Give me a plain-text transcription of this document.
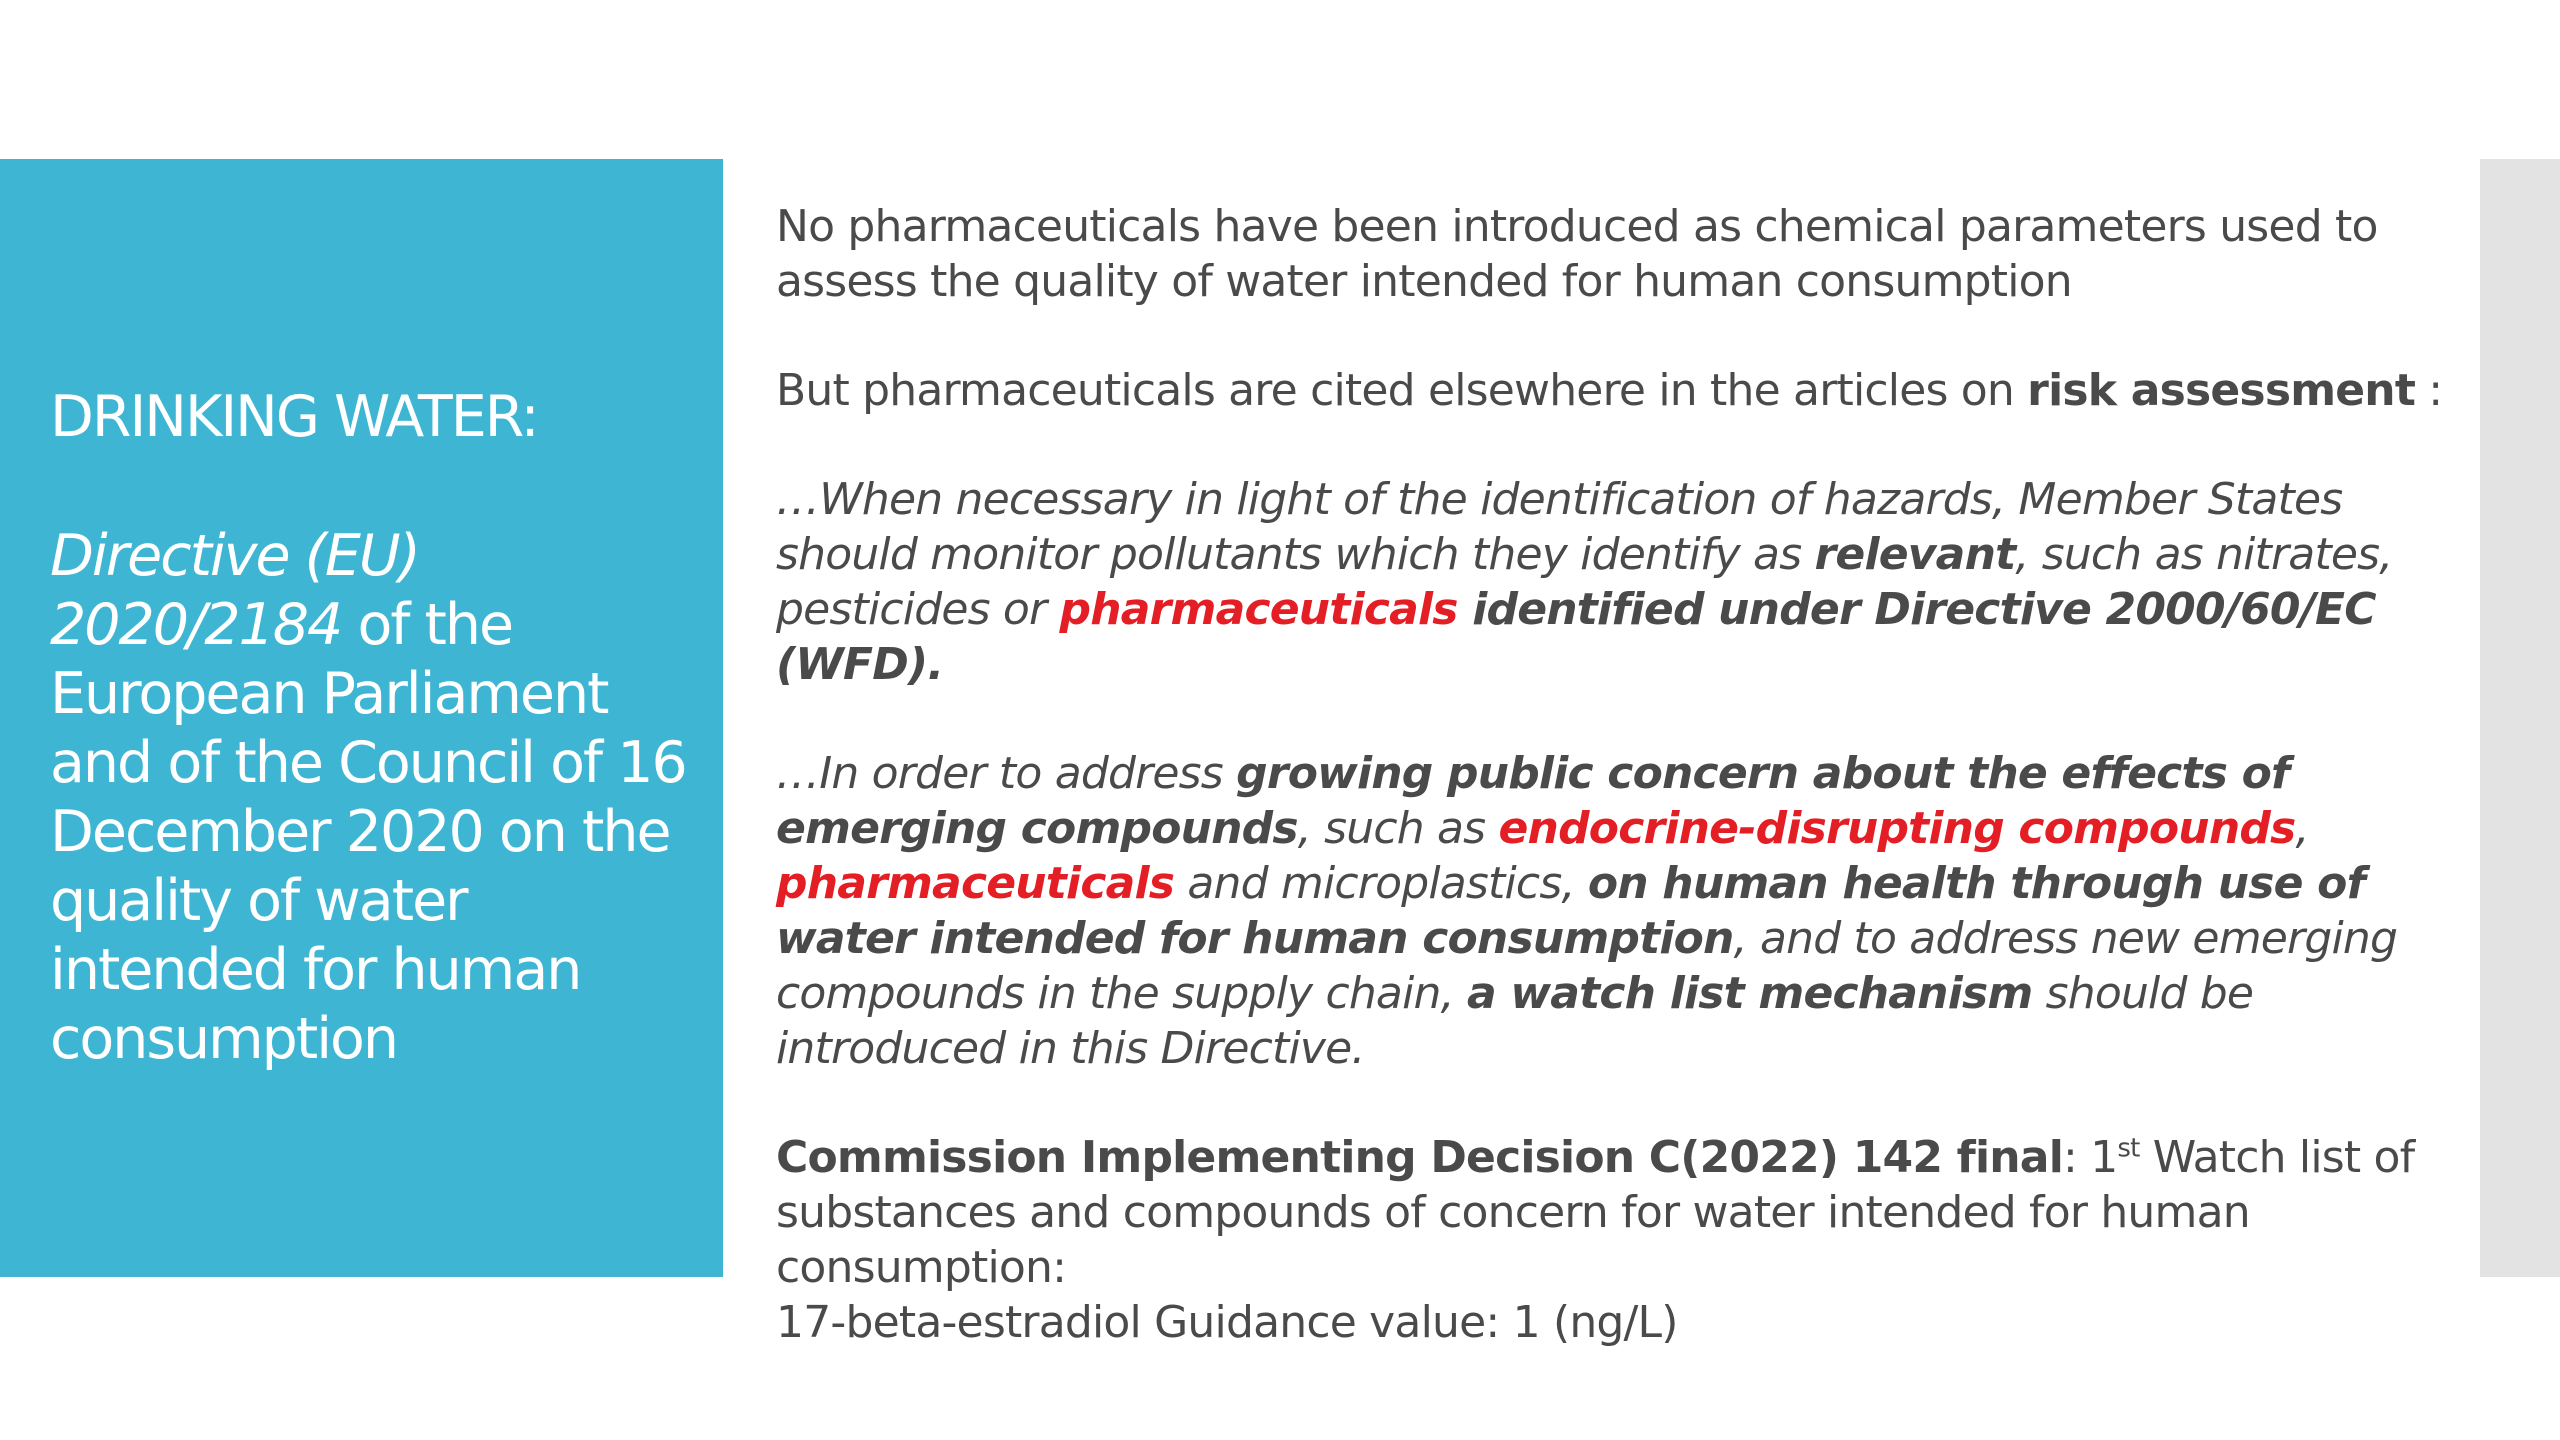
DRINKING WATER:
Directive (EU) 2020/2184 of the European Parliament and of the Council of 16 December 2020 on the quality of water intended for human consumption

No pharmaceuticals have been introduced as chemical parameters used to assess the quality of water intended for human consumption

But pharmaceuticals are cited elsewhere in the articles on risk assessment :

…When necessary in light of the identification of hazards, Member States should monitor pollutants which they identify as relevant, such as nitrates, pesticides or pharmaceuticals identified under Directive 2000/60/EC (WFD).

…In order to address growing public concern about the effects of emerging compounds, such as endocrine-disrupting compounds, pharmaceuticals and microplastics, on human health through use of water intended for human consumption, and to address new emerging compounds in the supply chain, a watch list mechanism should be introduced in this Directive.

Commission Implementing Decision C(2022) 142 final: 1st Watch list of substances and compounds of concern for water intended for human consumption:
17-beta-estradiol Guidance value: 1 (ng/L)
